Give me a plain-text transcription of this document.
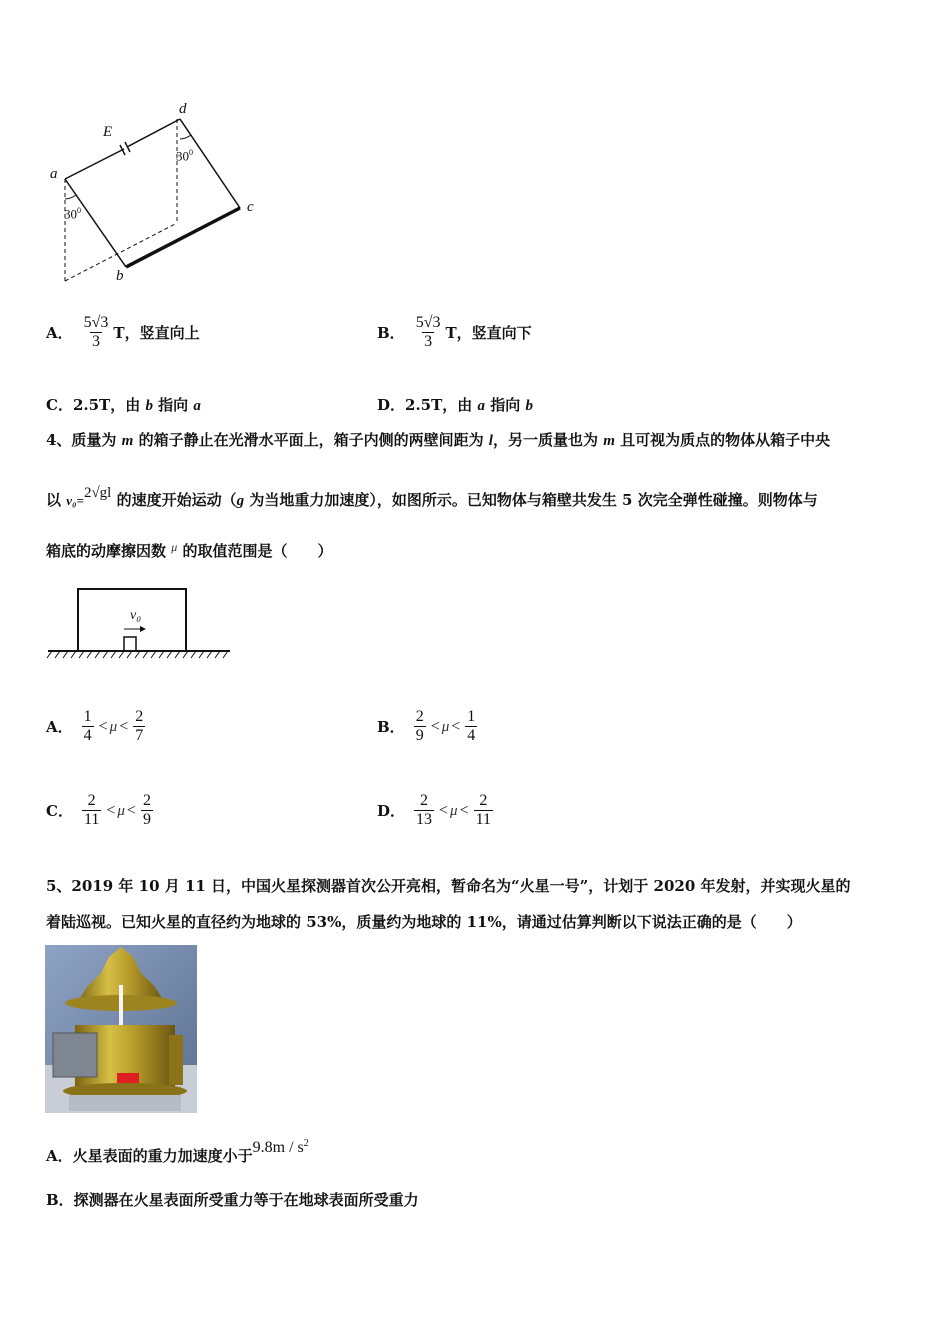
E
a
b
c
d
$30^0$
$30^0$
A． $\frac{5√3}{3}$ T，竖直向上	B． $\frac{5√3}{3}$ T，竖直向下
C．2.5T，由 b 指向 a	D．2.5T，由 a 指向 b
4、质量为 m 的箱子静止在光滑水平面上，箱子内侧的两壁间距为 l，另一质量也为 m 且可视为质点的物体从箱子中央
以 v₀=2√gl 的速度开始运动（g 为当地重力加速度），如图所示。已知物体与箱壁共发生 5 次完全弹性碰撞。则物体与
箱底的动摩擦因数 $^\mu$ 的取值范围是（　　）
v₀
A． $\frac{1}{4} < \mu < \frac{2}{7}$	B． $\frac{2}{9} < \mu < \frac{1}{4}$
C． $\frac{2}{11} < \mu < \frac{2}{9}$	D． $\frac{2}{13} < \mu < \frac{2}{11}$
5、2019 年 10 月 11 日，中国火星探测器首次公开亮相，暂命名为“火星一号”，计划于 2020 年发射，并实现火星的
着陆巡视。已知火星的直径约为地球的 53%，质量约为地球的 11%，请通过估算判断以下说法正确的是（　　）
A．火星表面的重力加速度小于$9.8m / s^2$
B．探测器在火星表面所受重力等于在地球表面所受重力
